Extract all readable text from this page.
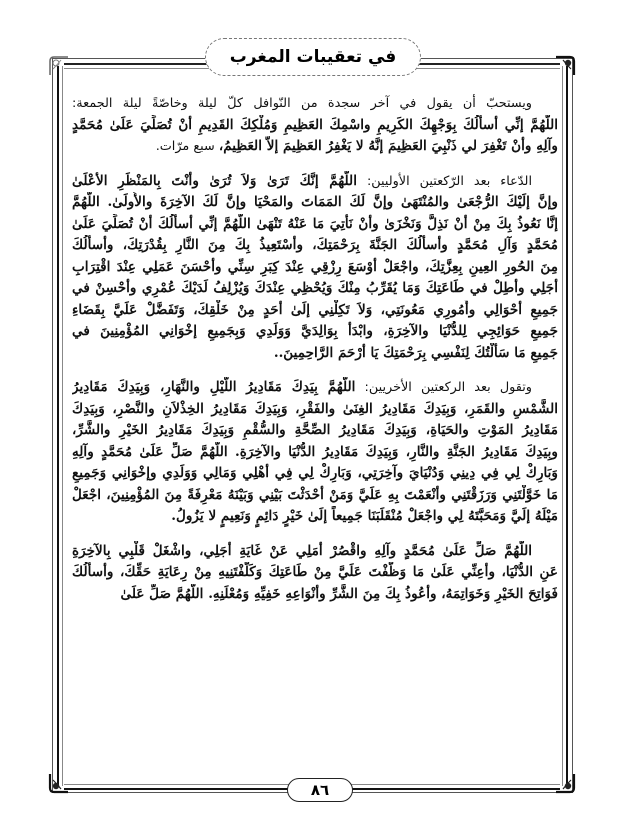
في تعقيبات المغرب
ويستحبّ أن يقول في آخر سجدة من النّوافل كلّ ليلة وخاصّةً ليلة الجمعة:
اللّهُمَّ إنِّي أسألُكَ بِوَجْهِكَ الكَرِيمِ واسْمِكَ العَظِيمِ وَمُلْكِكَ القَدِيمِ أنْ تُصَلِّيَ عَلَىٰ مُحَمَّدٍ
وآلِهِ وأنْ تَغْفِرَ لي ذَنْبِيَ العَظِيمَ إنَّهُ لا يَغْفِرُ العَظِيمَ إلاَّ العَظِيمُ، سبع مرّات.
الدّعاء بعد الرّكعتين الأوليين: اللّهُمَّ إنَّكَ تَرَىٰ وَلاَ تُرَىٰ وأنْتَ بِالمَنْظَرِ الأعْلَىٰ
وإنَّ إلَيْكَ الرُّجْعَىٰ والمُنْتَهَىٰ وإنَّ لَكَ المَمَاتَ والمَحْيَا وإنَّ لَكَ الآخِرَةَ والأُولَىٰ. اللّهُمَّ
إنَّا نَعُوذُ بِكَ مِنْ أنْ نَذِلَّ وَنَخْزَىٰ وأنْ نَأتِيَ مَا عَنْهُ تَنْهَىٰ اللّهُمَّ إنِّي أسألُكَ أنْ تُصَلِّيَ عَلَىٰ
مُحَمَّدٍ وَآلِ مُحَمَّدٍ وأسألُكَ الجَنَّةَ بِرَحْمَتِكَ، وأسْتَعِيذُ بِكَ مِنَ النَّارِ بِقُدْرَتِكَ، وأسألُكَ
مِنَ الحُورِ العِينِ بِعِزَّتِكَ، واجْعَلْ أوْسَعَ رِزْقِي عِنْدَ كِبَرِ سِنِّي وأحْسَنَ عَمَلِي عِنْدَ اقْتِرَابِ
أجَلِي وأطِلْ في طَاعَتِكَ وَمَا يُقَرِّبُ مِنْكَ وَيُحْظِي عِنْدَكَ وَيُزْلِفُ لَدَيْكَ عُمْرِي وأحْسِنْ في
جَمِيعِ أحْوَالِي وأُمُورِي مَعُونَتِي، وَلاَ تَكِلْنِي إلَىٰ أحَدٍ مِنْ خَلْقِكَ، وَتَفَضَّلْ عَلَيَّ بِقَضَاءِ
جَمِيعِ حَوَائِجِي لِلدُّنْيَا والآخِرَةِ، وابْدَأْ بِوَالِدَيَّ وَوَلَدِي وَبِجَمِيعِ إخْوَانِي المُؤْمِنِينَ في
جَمِيعِ مَا سَألْتُكَ لِنَفْسِي بِرَحْمَتِكَ يَا أرْحَمَ الرَّاحِمِينَ..
وتقول بعد الركعتين الأخريين: اللّهُمَّ بِيَدِكَ مَقَادِيرُ اللَّيْلِ والنَّهَارِ، وَبِيَدِكَ مَقَادِيرُ
الشَّمْسِ والقَمَرِ، وَبِيَدِكَ مَقَادِيرُ الغِنَىٰ والفَقْرِ، وَبِيَدِكَ مَقَادِيرُ الخِذْلاَنِ والنَّصْرِ، وَبِيَدِكَ
مَقَادِيرُ المَوْتِ والحَيَاةِ، وَبِيَدِكَ مَقَادِيرُ الصِّحَّةِ والسُّقْمِ وَبِيَدِكَ مَقَادِيرُ الخَيْرِ والشَّرِّ،
وبِيَدِكَ مَقَادِيرُ الجَنَّةِ والنَّارِ، وَبِيَدِكَ مَقَادِيرُ الدُّنْيَا والآخِرَةِ. اللّهُمَّ صَلِّ عَلَىٰ مُحَمَّدٍ وآلِهِ
وَبَارِكْ لِي فِي دِينِي وَدُنْيَايَ وآخِرَتِي، وَبَارِكْ لِي فِي أهْلِي وَمَالِي وَوَلَدِي وإخْوَانِي وَجَمِيعِ
مَا خَوَّلْتَنِي وَرَزَقْتَنِي وأنْعَمْتَ بِهِ عَلَيَّ وَمَنْ أحْدَثْتَ بَيْنِي وَبَيْنَهُ مَعْرِفَةً مِنَ المُؤْمِنِينَ، اجْعَلْ
مَيْلَهُ إلَيَّ وَمَحَبَّتَهُ لِي واجْعَلْ مُنْقَلَبَنَا جَمِيعاً إلَىٰ خَيْرٍ دَائِمٍ وَنَعِيمٍ لا يَزُولُ.
اللّهُمَّ صَلِّ عَلَىٰ مُحَمَّدٍ وآلِهِ واقْصُرْ أمَلِي عَنْ غَايَةِ أجَلِي، واشْغَلْ قَلْبِي بِالآخِرَةِ
عَنِ الدُّنْيَا، وأعِنِّي عَلَىٰ مَا وَظَّفْتَ عَلَيَّ مِنْ طَاعَتِكَ وَكَلَّفْتَنِيهِ مِنْ رِعَايَةِ حَقِّكَ، وأسألُكَ
فَوَاتِحَ الخَيْرِ وَخَوَاتِمَهُ، وأعُوذُ بِكَ مِنَ الشَّرِّ وأنْوَاعِهِ خَفِيِّهِ وَمُعْلَنِهِ. اللّهُمَّ صَلِّ عَلَىٰ
٨٦
